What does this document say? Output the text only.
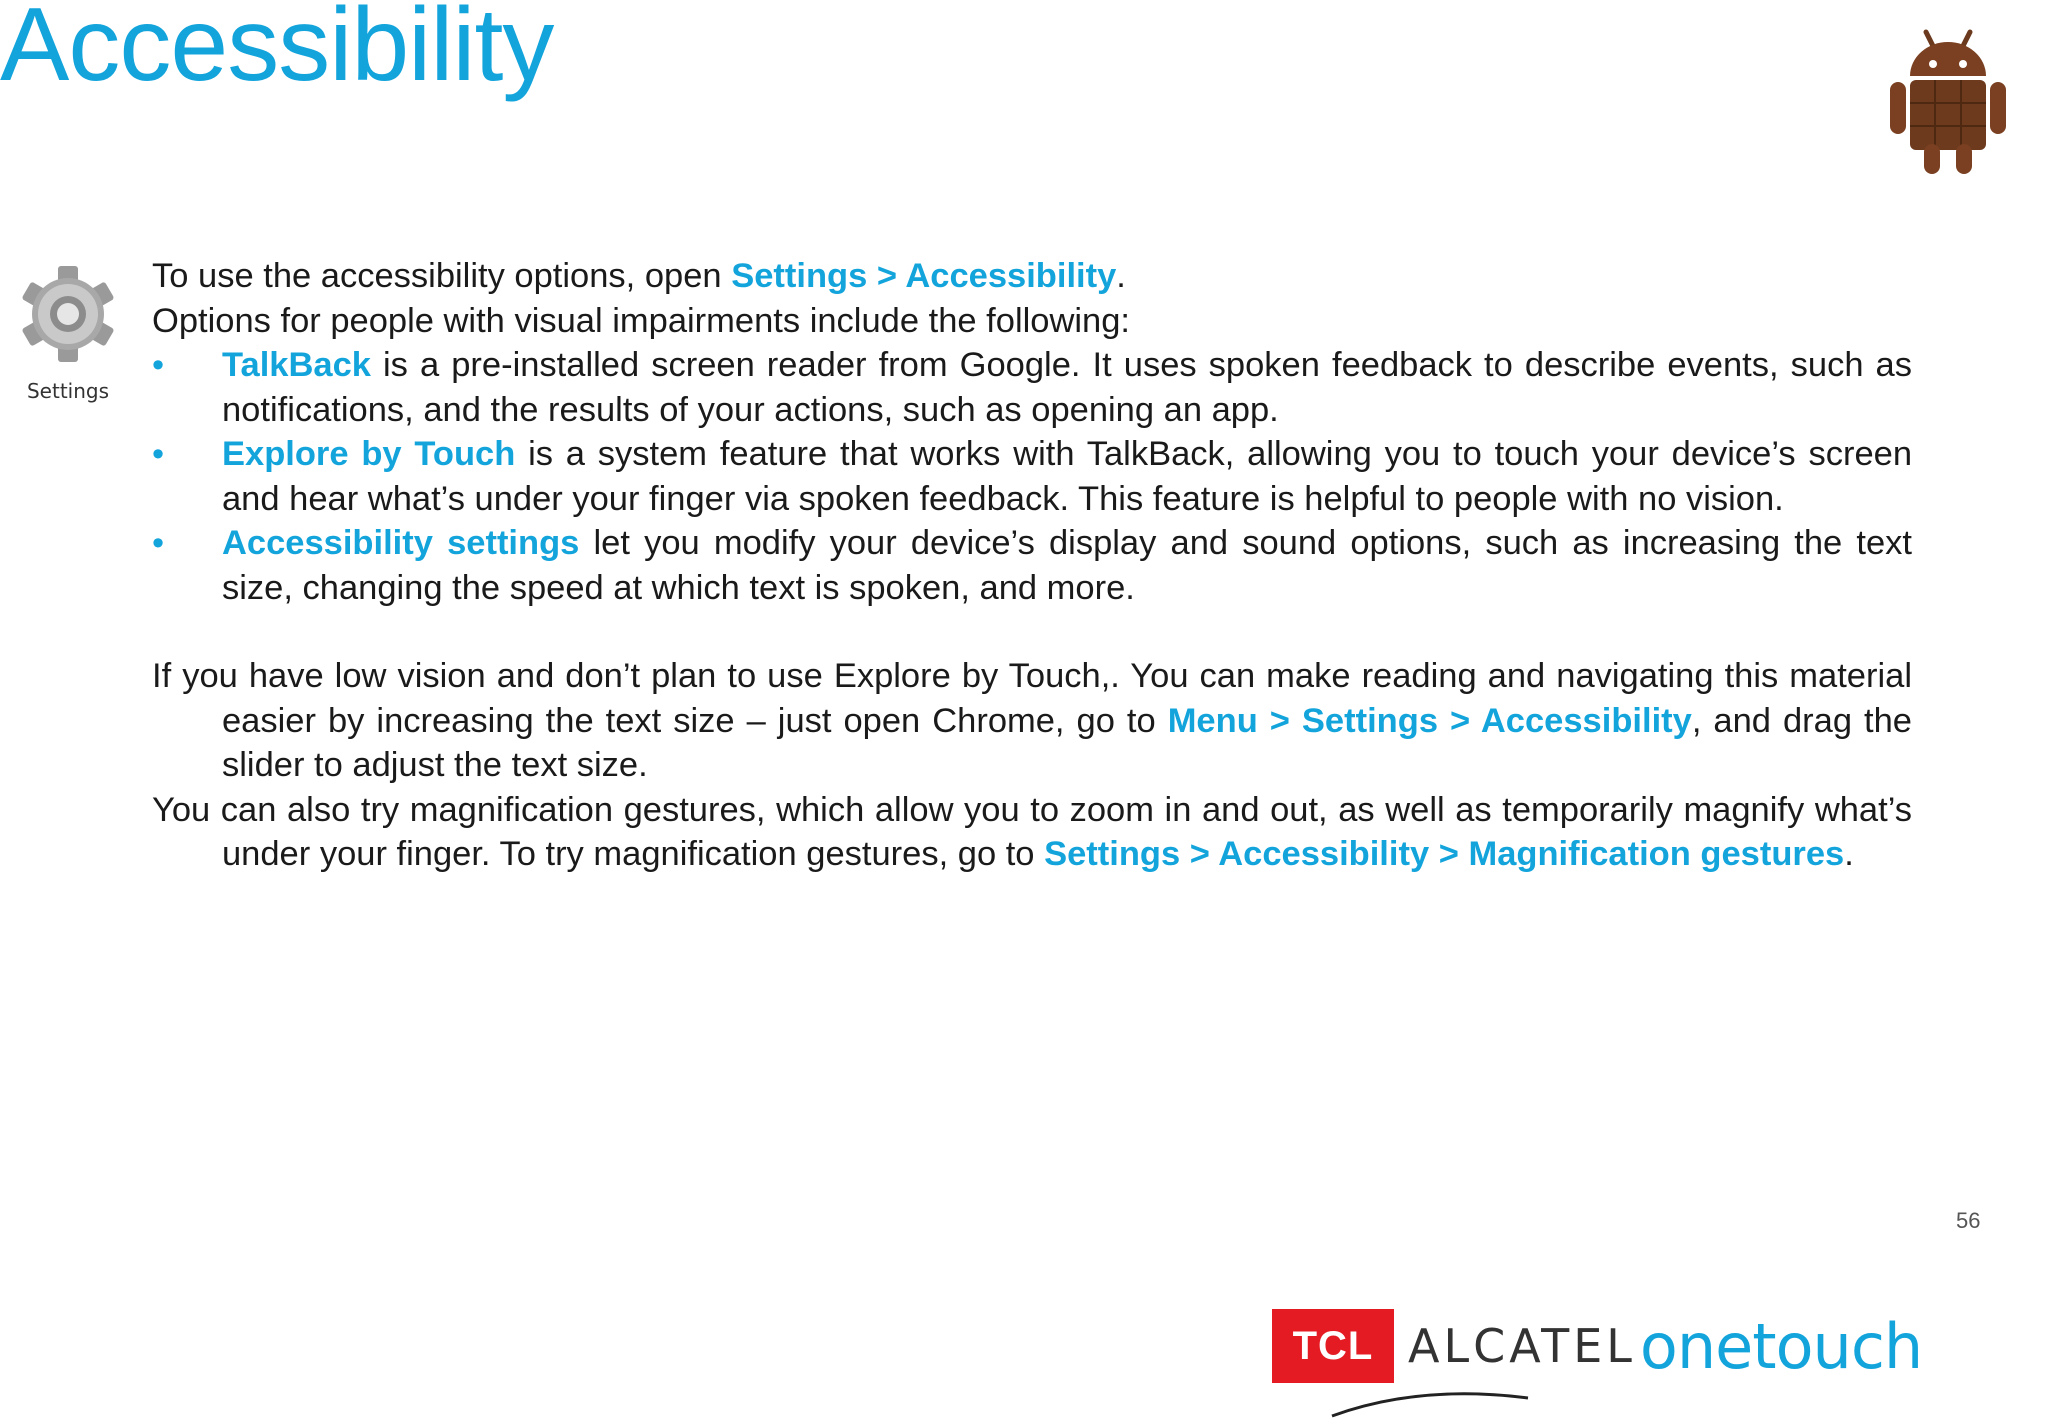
Accessibility
Settings

To use the accessibility options, open Settings > Accessibility.

Options for people with visual impairments include the following:

• TalkBack is a pre-installed screen reader from Google. It uses spoken feedback to describe events, such as notifications, and the results of your actions, such as opening an app.
• Explore by Touch is a system feature that works with TalkBack, allowing you to touch your device’s screen and hear what’s under your finger via spoken feedback. This feature is helpful to people with no vision.
• Accessibility settings let you modify your device’s display and sound options, such as increasing the text size, changing the speed at which text is spoken, and more.

If you have low vision and don’t plan to use Explore by Touch,. You can make reading and navigating this material easier by increasing the text size – just open Chrome, go to Menu > Settings > Accessibility, and drag the slider to adjust the text size.

You can also try magnification gestures, which allow you to zoom in and out, as well as temporarily magnify what’s under your finger. To try magnification gestures, go to Settings > Accessibility > Magnification gestures.

56
TCL ALCATEL onetouch
